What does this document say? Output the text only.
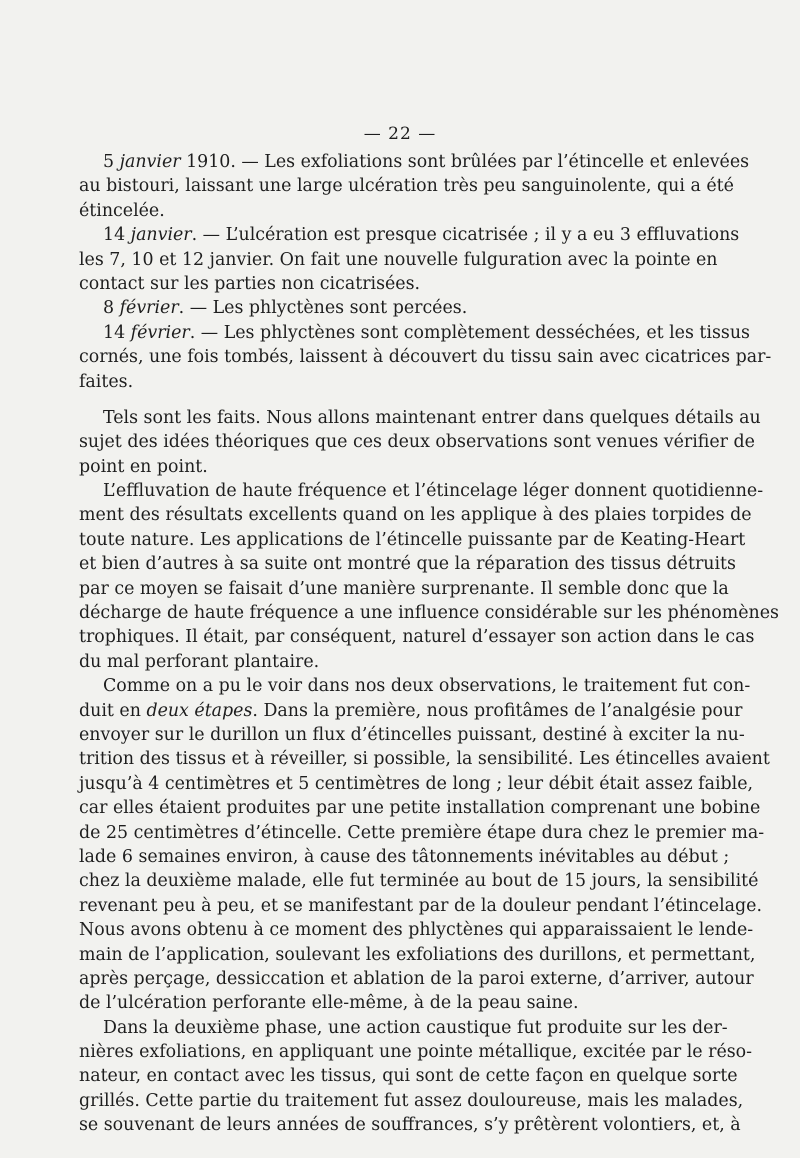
— 22 —
5 janvier 1910. — Les exfoliations sont brûlées par l’étincelle et enlevées
au bistouri, laissant une large ulcération très peu sanguinolente, qui a été
étincelée.
14 janvier. — L’ulcération est presque cicatrisée ; il y a eu 3 effluvations
les 7, 10 et 12 janvier. On fait une nouvelle fulguration avec la pointe en
contact sur les parties non cicatrisées.
8 février. — Les phlyctènes sont percées.
14 février. — Les phlyctènes sont complètement desséchées, et les tissus
cornés, une fois tombés, laissent à découvert du tissu sain avec cicatrices par-
faites.
Tels sont les faits. Nous allons maintenant entrer dans quelques détails au
sujet des idées théoriques que ces deux observations sont venues vérifier de
point en point.
L’effluvation de haute fréquence et l’étincelage léger donnent quotidienne-
ment des résultats excellents quand on les applique à des plaies torpides de
toute nature. Les applications de l’étincelle puissante par de Keating-Heart
et bien d’autres à sa suite ont montré que la réparation des tissus détruits
par ce moyen se faisait d’une manière surprenante. Il semble donc que la
décharge de haute fréquence a une influence considérable sur les phénomènes
trophiques. Il était, par conséquent, naturel d’essayer son action dans le cas
du mal perforant plantaire.
Comme on a pu le voir dans nos deux observations, le traitement fut con-
duit en deux étapes. Dans la première, nous profitâmes de l’analgésie pour
envoyer sur le durillon un flux d’étincelles puissant, destiné à exciter la nu-
trition des tissus et à réveiller, si possible, la sensibilité. Les étincelles avaient
jusqu’à 4 centimètres et 5 centimètres de long ; leur débit était assez faible,
car elles étaient produites par une petite installation comprenant une bobine
de 25 centimètres d’étincelle. Cette première étape dura chez le premier ma-
lade 6 semaines environ, à cause des tâtonnements inévitables au début ;
chez la deuxième malade, elle fut terminée au bout de 15 jours, la sensibilité
revenant peu à peu, et se manifestant par de la douleur pendant l’étincelage.
Nous avons obtenu à ce moment des phlyctènes qui apparaissaient le lende-
main de l’application, soulevant les exfoliations des durillons, et permettant,
après perçage, dessiccation et ablation de la paroi externe, d’arriver, autour
de l’ulcération perforante elle-même, à de la peau saine.
Dans la deuxième phase, une action caustique fut produite sur les der-
nières exfoliations, en appliquant une pointe métallique, excitée par le réso-
nateur, en contact avec les tissus, qui sont de cette façon en quelque sorte
grillés. Cette partie du traitement fut assez douloureuse, mais les malades,
se souvenant de leurs années de souffrances, s’y prêtèrent volontiers, et, à
